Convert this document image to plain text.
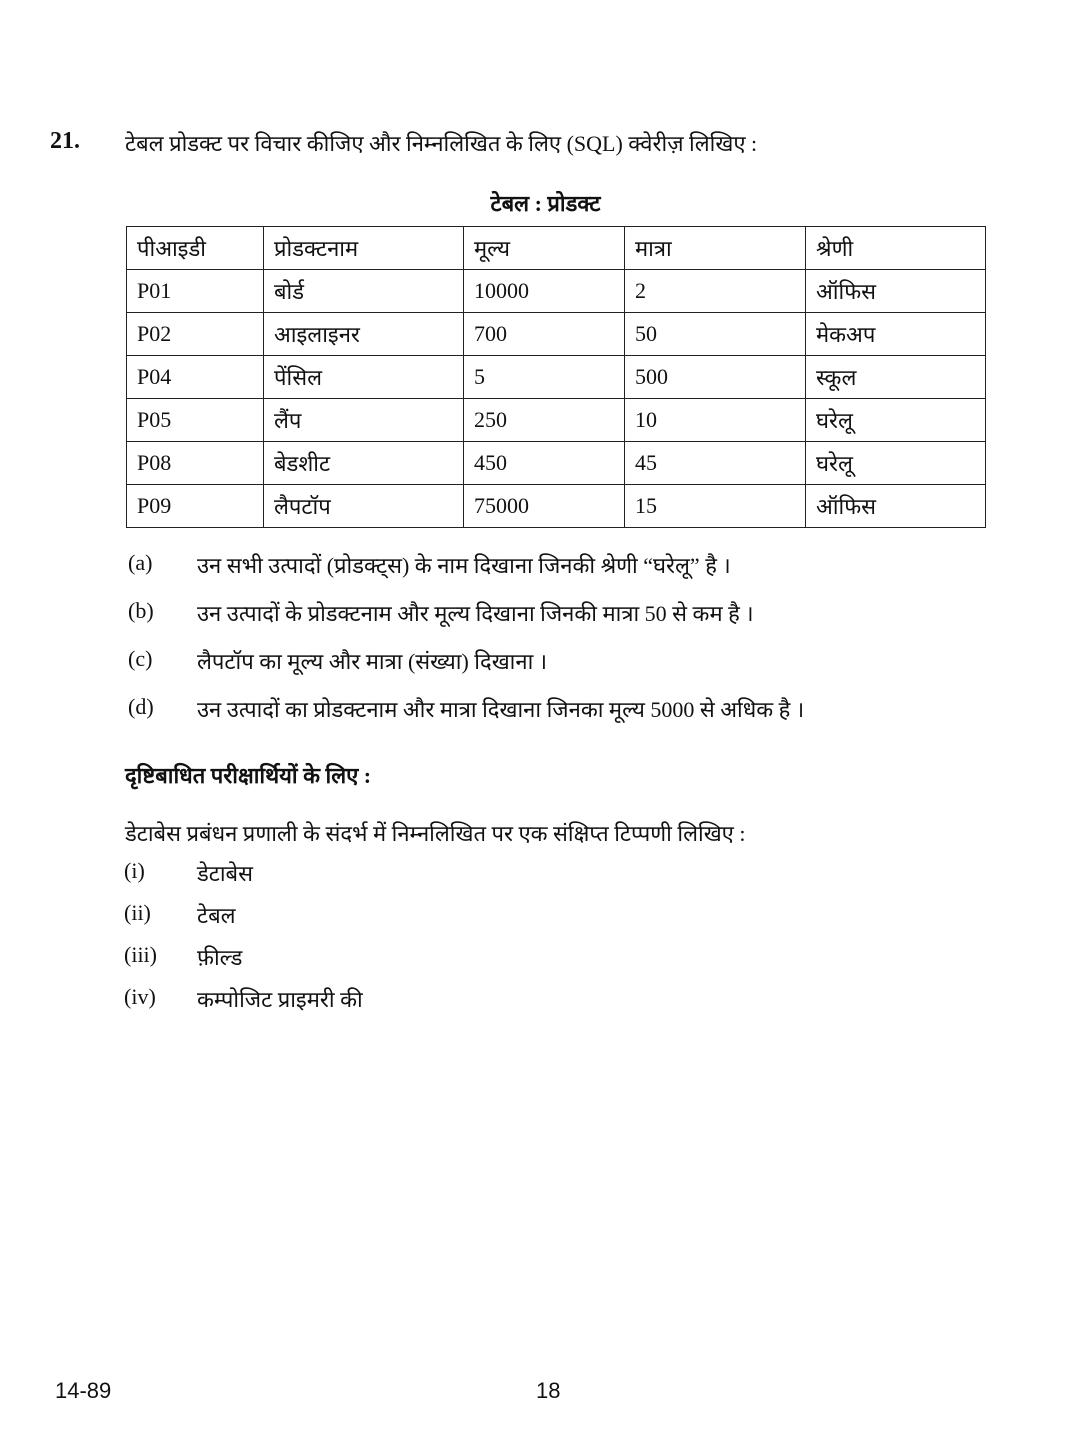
21. टेबल प्रोडक्ट पर विचार कीजिए और निम्नलिखित के लिए (SQL) क्वेरीज़ लिखिए :
टेबल : प्रोडक्ट
पीआइडी	प्रोडक्टनाम	मूल्य	मात्रा	श्रेणी
P01	बोर्ड	10000	2	ऑफिस
P02	आइलाइनर	700	50	मेकअप
P04	पेंसिल	5	500	स्कूल
P05	लैंप	250	10	घरेलू
P08	बेडशीट	450	45	घरेलू
P09	लैपटॉप	75000	15	ऑफिस
(a) उन सभी उत्पादों (प्रोडक्ट्स) के नाम दिखाना जिनकी श्रेणी “घरेलू” है ।
(b) उन उत्पादों के प्रोडक्टनाम और मूल्य दिखाना जिनकी मात्रा 50 से कम है ।
(c) लैपटॉप का मूल्य और मात्रा (संख्या) दिखाना ।
(d) उन उत्पादों का प्रोडक्टनाम और मात्रा दिखाना जिनका मूल्य 5000 से अधिक है ।
दृष्टिबाधित परीक्षार्थियों के लिए :
डेटाबेस प्रबंधन प्रणाली के संदर्भ में निम्नलिखित पर एक संक्षिप्त टिप्पणी लिखिए :
(i) डेटाबेस
(ii) टेबल
(iii) फ़ील्ड
(iv) कम्पोजिट प्राइमरी की
14-89	18
